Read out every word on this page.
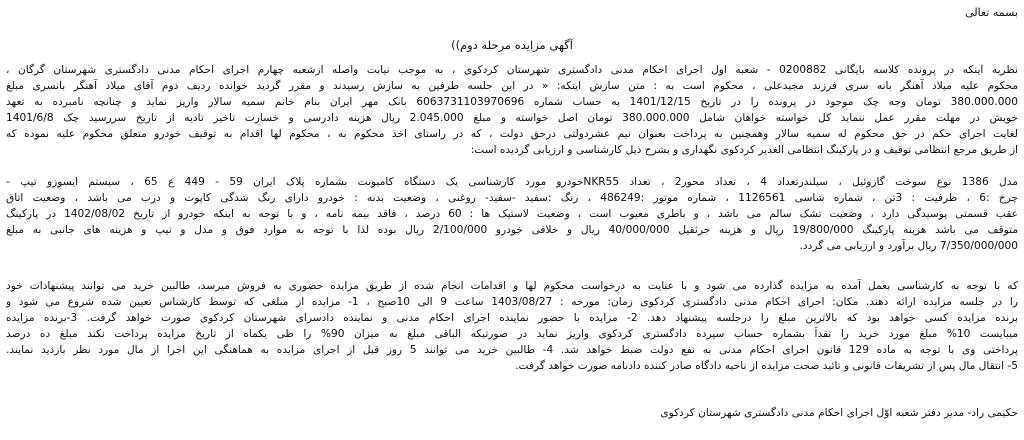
بسمه تعالی
آگهی مزایده مرحله دوم))
نظریه اینکه در پرونده کلاسه بایگانی 0200882 - شعبه اول اجرای احکام مدنی دادگستری شهرستان کردکوی ، به موجب نیابت واصله ازشعبه چهارم اجرای احکام مدنی دادگستری شهرستان گرگان ،
محکوم علیه میلاد آهنگر بانه سری فرزند مجیدعلی ، محکوم است به : متن سازش اینکه: « در این جلسه طرفین به سازش رسیدند و مقرر گردید خوانده ردیف دوم آقای میلاد آهنگر بانسری مبلغ
380.000.000 تومان وجه چک موجود در پرونده را در تاریخ 1401/12/15 به حساب شماره 6063731103970696 بانک مهر ایران بنام خانم سمیه سالار واریز نماید و چنانچه نامبرده به تعهد
خویش در مهلت مقرر عمل ننماید کل خواسته خواهان شامل 380.000.000 تومان اصل خواسته و مبلغ 2.045.000 ریال هزینه دادرسی و خسارت تاخیر تادیه از تاریخ سررسید چک 1401/6/8
لغایت اجرای حکم در حق محکوم له سمیه سالار وهمچنین به پرداخت بعنوان نیم عشردولتی درحق دولت ، که در راستای اخذ محکوم به ، محکوم لها اقدام به توقیف خودرو متعلق محکوم علیه نموده که
از طریق مرجع انتظامی توقیف و در پارکینگ انتظامی الغدیر کردکوی نگهداری و بشرح ذیل کارشناسی و ارزیابی گردیده است:
مدل 1386 نوع سوخت گازوئیل ، سیلندرتعداد 4 ، تعداد محور2 ، تعداد NKR55خودرو مورد کارشناسی یک دستگاه کامیونت بشماره پلاک ایران 59 - 449 ع 65 ، سیستم ایسوزو تیپ -
چرخ :6 ، ظرفیت : 3تن ، شماره شاسی 1126561 ، شماره موتور :486249 ، رنگ :سفید -سفید- روغنی ، وضعیت بدنه : خودرو دارای رنگ شدگی کاپوت و درب می باشد ، وضعیت اتاق
عقب قسمتی پوسیدگی دارد ، وضعیت تشک سالم می باشد ، و باطری معیوب است ، وضعیت لاستیک ها : 60 درصد ، فاقد بیمه نامه ، و با توجه به اینکه خودرو از تاریخ 1402/08/02 در پارکینگ
متوقف می باشد هزینه پارکینگ 19/800/000 ریال و هزینه جرثقیل 40/000/000 ریال و خلافی خودرو 2/100/000 ریال بوده لذا با توجه به موارد فوق و مدل و تیپ و هزینه های جانبی به مبلغ
7/350/000/000 ریال برآورد و ارزیابی می گردد.
که با توجه به کارشناسی بعمل آمده به مزایده گذارده می شود و با عنایت به درخواست محکوم لها و اقدامات انجام شده از طریق مزایده حضوری به فروش میرسد، طالبین خرید می توانند پیشنهادات خود
را در جلسه مزایده ارائه دهند. مکان: اجرای احکام مدنی دادگستری کردکوی زمان: مورخه : 1403/08/27 ساعت 9 الی 10صبح ، 1- مزایده از مبلغی که توسط کارشناس تعیین شده شروع می شود و
برنده مزایده کسی خواهد بود که بالاترین مبلغ را درجلسه پیشنهاد دهد. 2- مزایده با حضور نماینده اجرای احکام مدنی و نماینده دادسرای شهرستان کردکوی صورت خواهد گرفت. 3-برنده مزایده
میبایست 10% مبلغ مورد خرید را نقداً بشماره حساب سپرده دادگستری کردکوی واریز نماید در صورتیکه الباقی مبلغ به میزان 90% را طی یکماه از تاریخ مزایده پرداخت نکند مبلغ ده درصد
پرداختی وی با توجه به ماده 129 قانون اجرای احکام مدنی به نفع دولت ضبط خواهد شد. 4- طالبین خرید می توانند 5 روز قبل از اجرای مزایده به هماهنگی این اجرا از مال مورد نظر بازدید نمایند.
5- انتقال مال پس از تشریفات قانونی و تائید صحت مزایده از ناحیه دادگاه صادر کننده دادنامه صورت خواهد گرفت.
حکیمی راد- مدیر دفتر شعبه اوّل اجرای احکام مدنی دادگستری شهرستان کردکوی
